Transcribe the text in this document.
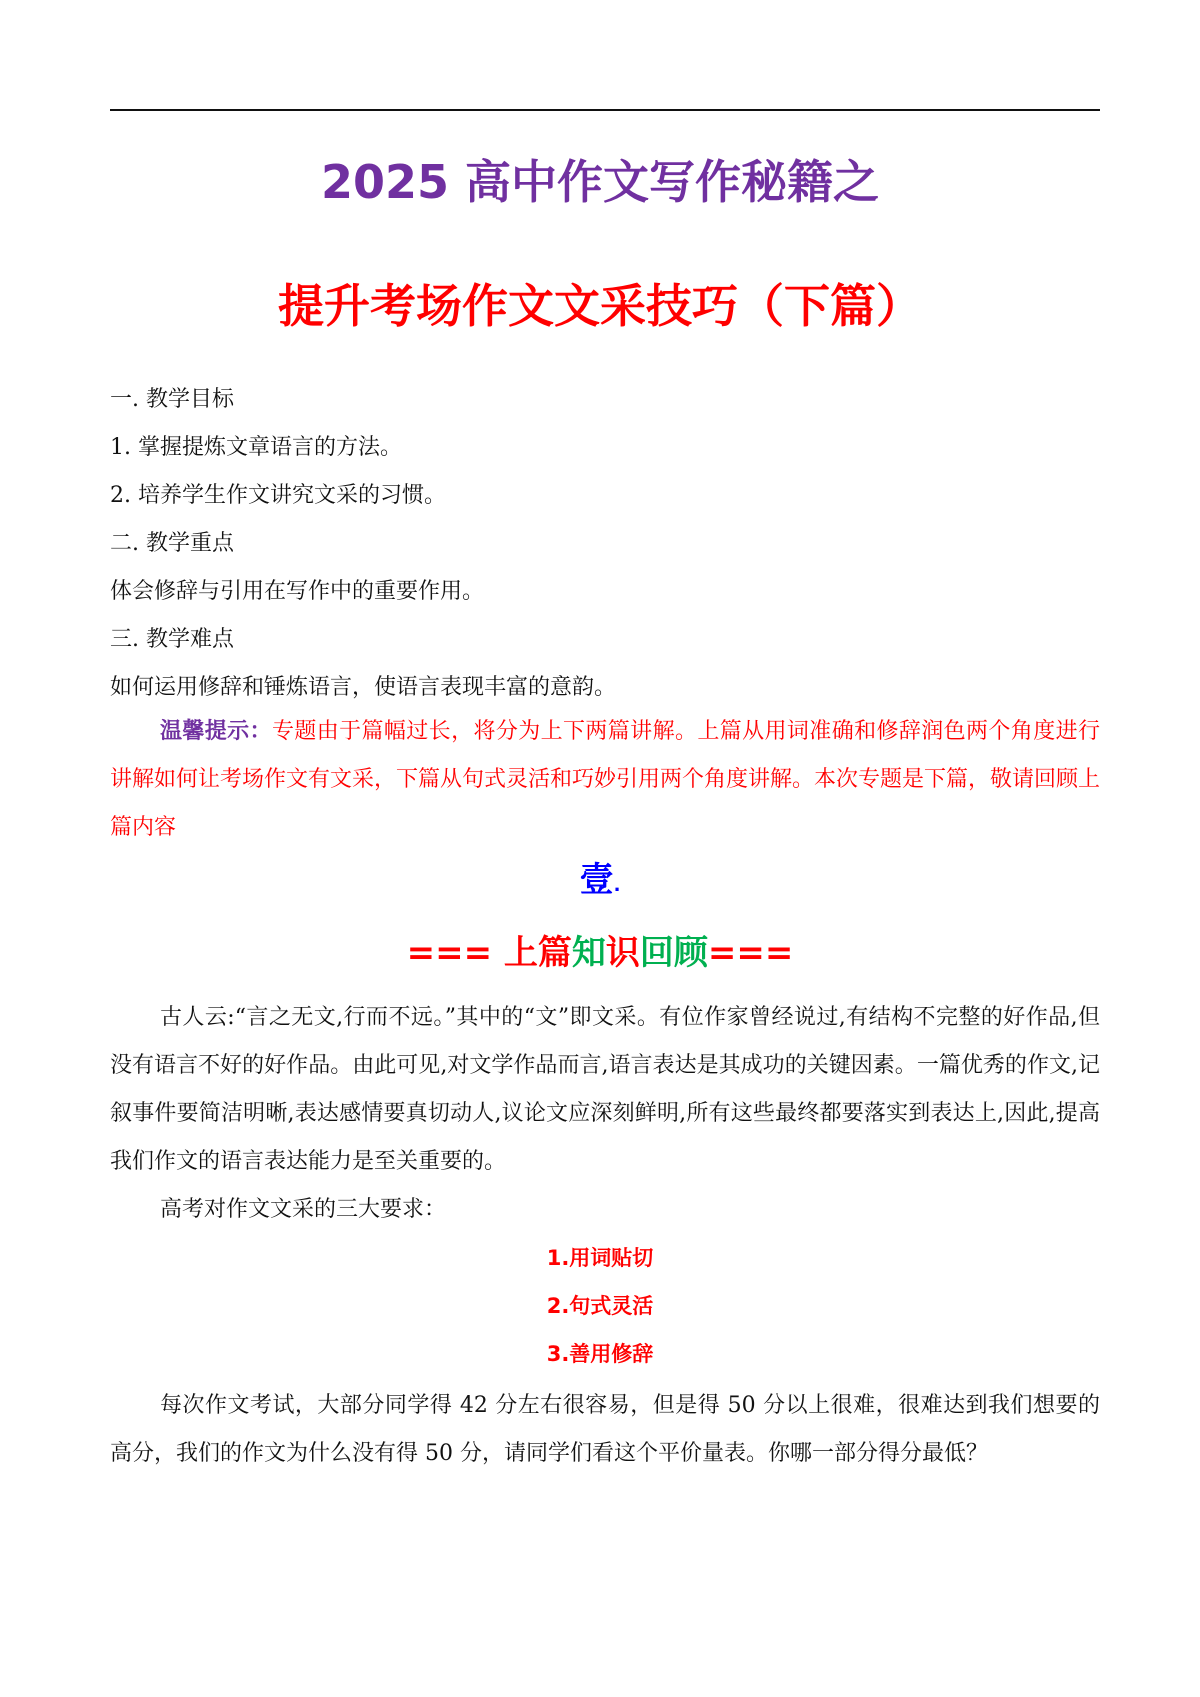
2025 高中作文写作秘籍之
提升考场作文文采技巧（下篇）
一. 教学目标
1. 掌握提炼文章语言的方法。
2. 培养学生作文讲究文采的习惯。
二. 教学重点
体会修辞与引用在写作中的重要作用。
三. 教学难点
如何运用修辞和锤炼语言，使语言表现丰富的意韵。
温馨提示：专题由于篇幅过长，将分为上下两篇讲解。上篇从用词准确和修辞润色两个角度进行讲解如何让考场作文有文采，下篇从句式灵活和巧妙引用两个角度讲解。本次专题是下篇，敬请回顾上篇内容
壹.
=== 上篇知识回顾===
古人云:“言之无文,行而不远。”其中的“文”即文采。有位作家曾经说过,有结构不完整的好作品,但没有语言不好的好作品。由此可见,对文学作品而言,语言表达是其成功的关键因素。一篇优秀的作文,记叙事件要简洁明晰,表达感情要真切动人,议论文应深刻鲜明,所有这些最终都要落实到表达上,因此,提高我们作文的语言表达能力是至关重要的。
高考对作文文采的三大要求：
1.用词贴切
2.句式灵活
3.善用修辞
每次作文考试，大部分同学得 42 分左右很容易，但是得 50 分以上很难，很难达到我们想要的高分，我们的作文为什么没有得 50 分，请同学们看这个平价量表。你哪一部分得分最低？
